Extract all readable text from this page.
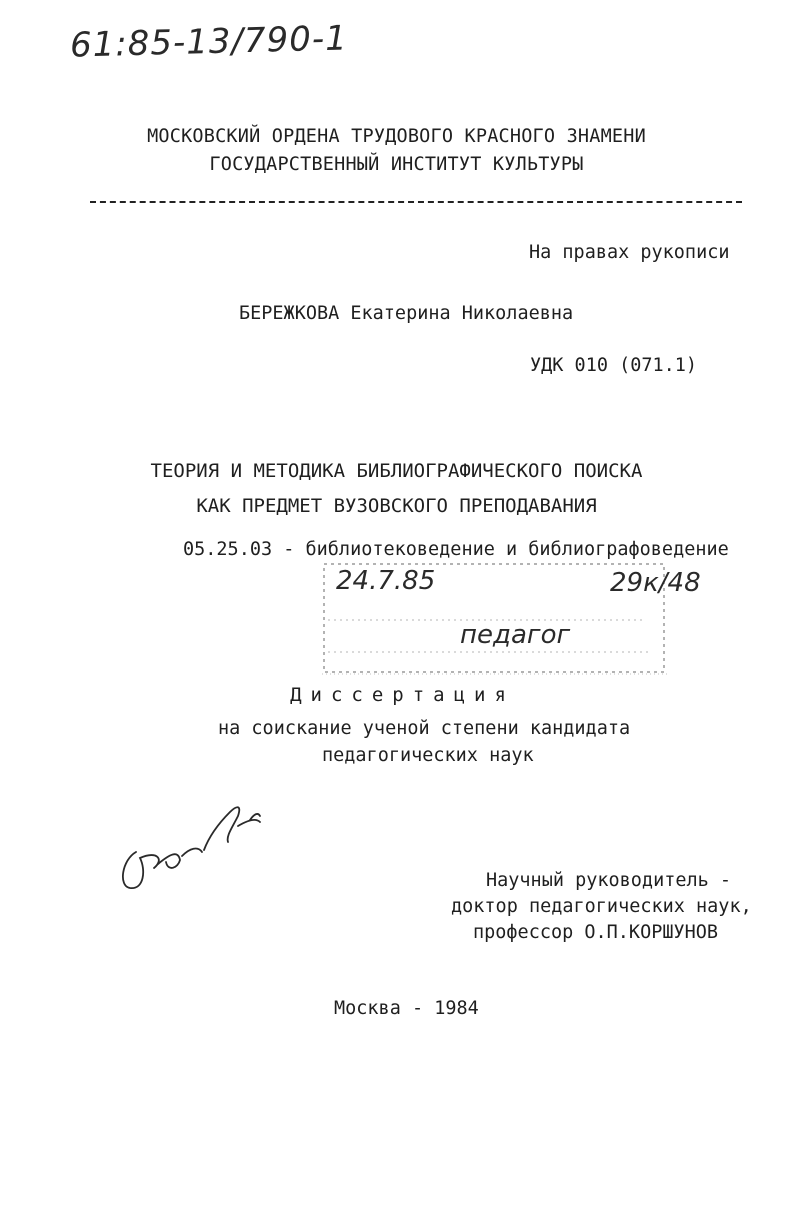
61:85-13/790-1
МОСКОВСКИЙ ОРДЕНА ТРУДОВОГО КРАСНОГО ЗНАМЕНИ
ГОСУДАРСТВЕННЫЙ ИНСТИТУТ КУЛЬТУРЫ
На правах рукописи
БЕРЕЖКОВА Екатерина Николаевна
УДК 010 (071.1)
ТЕОРИЯ И МЕТОДИКА БИБЛИОГРАФИЧЕСКОГО ПОИСКА
КАК ПРЕДМЕТ ВУЗОВСКОГО ПРЕПОДАВАНИЯ
05.25.03 - библиотековедение и библиографоведение
24.7.85	29к/48
педагог
Диссертация
на соискание ученой степени кандидата
педагогических наук
Научный руководитель -
доктор педагогических наук,
профессор О.П.КОРШУНОВ
Москва - 1984
